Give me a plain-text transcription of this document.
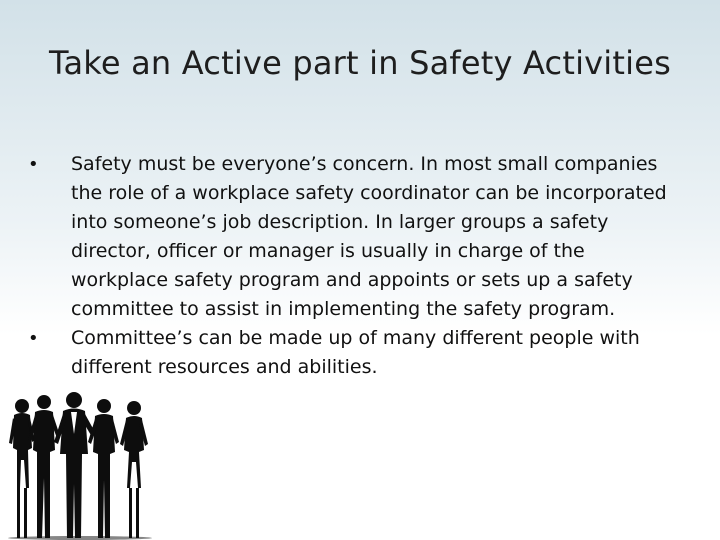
Take an Active part in Safety Activities
•	Safety must be everyone’s concern. In most small companies the role of a workplace safety coordinator can be incorporated into someone’s job description. In larger groups a safety director, officer or manager is usually in charge of the workplace safety program and appoints or sets up a safety committee to assist in implementing the safety program.
•	Committee’s can be made up of many different people with different resources and abilities.
